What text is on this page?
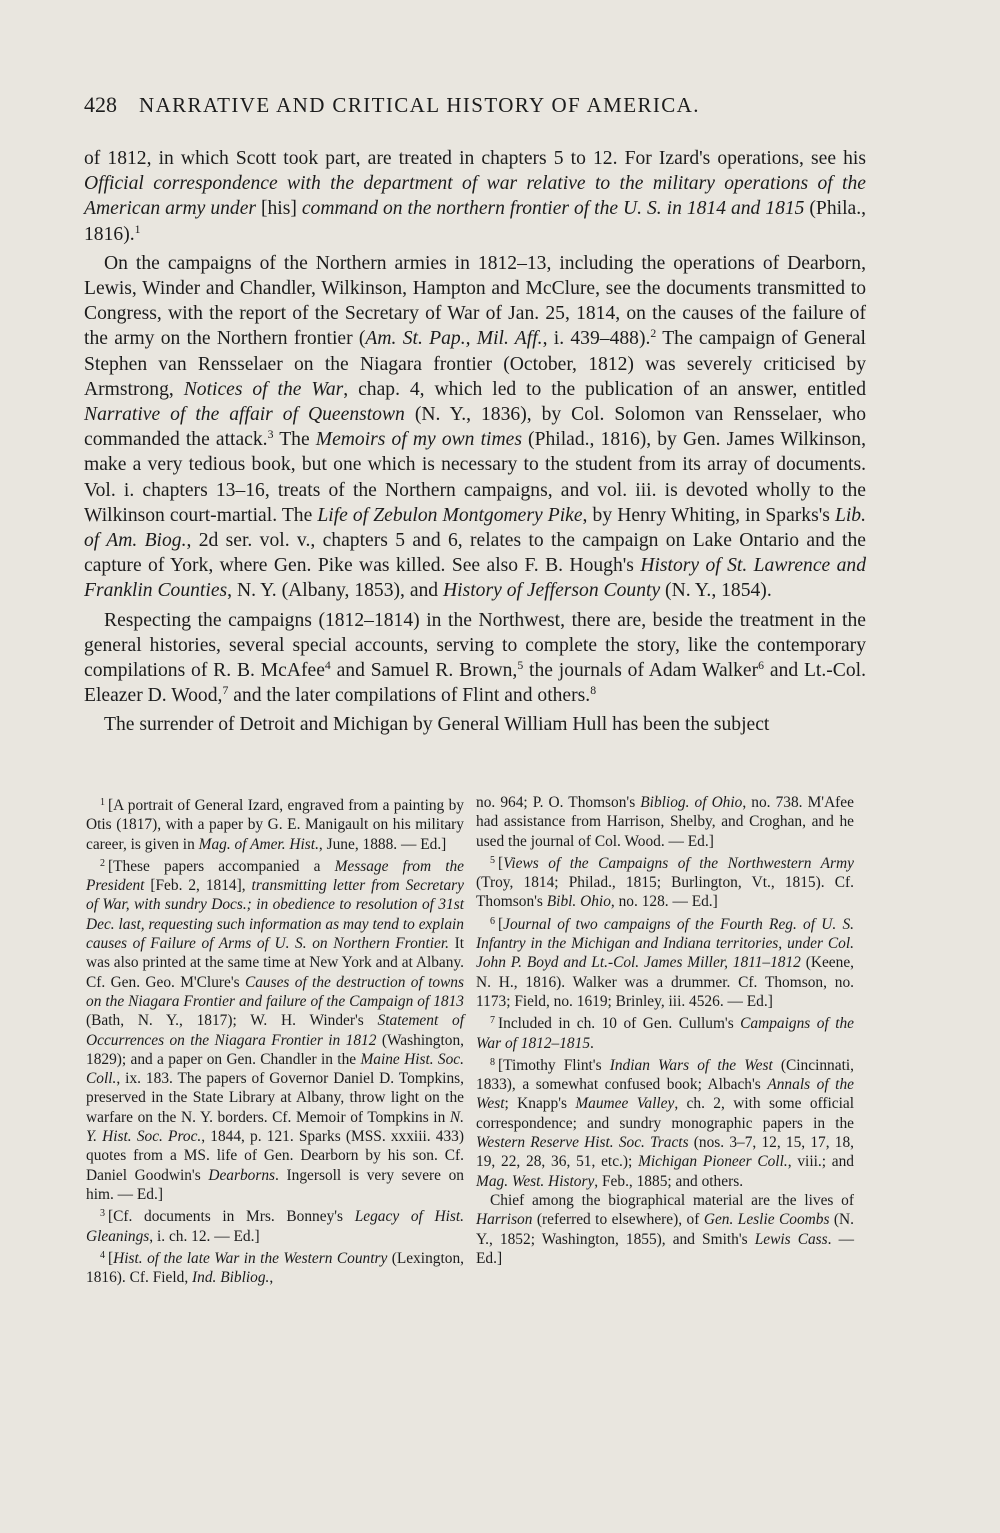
428 NARRATIVE AND CRITICAL HISTORY OF AMERICA.

of 1812, in which Scott took part, are treated in chapters 5 to 12. For Izard's operations, see his Official correspondence with the department of war relative to the military operations of the American army under [his] command on the northern frontier of the U. S. in 1814 and 1815 (Phila., 1816).$^1$

On the campaigns of the Northern armies in 1812–13, including the operations of Dearborn, Lewis, Winder and Chandler, Wilkinson, Hampton and McClure, see the documents transmitted to Congress, with the report of the Secretary of War of Jan. 25, 1814, on the causes of the failure of the army on the Northern frontier (Am. St. Pap., Mil. Aff., i. 439–488).$^2$ The campaign of General Stephen van Rensselaer on the Niagara frontier (October, 1812) was severely criticised by Armstrong, Notices of the War, chap. 4, which led to the publication of an answer, entitled Narrative of the affair of Queenstown (N. Y., 1836), by Col. Solomon van Rensselaer, who commanded the attack.$^3$ The Memoirs of my own times (Philad., 1816), by Gen. James Wilkinson, make a very tedious book, but one which is necessary to the student from its array of documents. Vol. i. chapters 13–16, treats of the Northern campaigns, and vol. iii. is devoted wholly to the Wilkinson court-martial. The Life of Zebulon Montgomery Pike, by Henry Whiting, in Sparks's Lib. of Am. Biog., 2d ser. vol. v., chapters 5 and 6, relates to the campaign on Lake Ontario and the capture of York, where Gen. Pike was killed. See also F. B. Hough's History of St. Lawrence and Franklin Counties, N. Y. (Albany, 1853), and History of Jefferson County (N. Y., 1854).

Respecting the campaigns (1812–1814) in the Northwest, there are, beside the treatment in the general histories, several special accounts, serving to complete the story, like the contemporary compilations of R. B. McAfee$^4$ and Samuel R. Brown,$^5$ the journals of Adam Walker$^6$ and Lt.-Col. Eleazer D. Wood,$^7$ and the later compilations of Flint and others.$^8$

The surrender of Detroit and Michigan by General William Hull has been the subject

$^1$ [A portrait of General Izard, engraved from a painting by Otis (1817), with a paper by G. E. Manigault on his military career, is given in Mag. of Amer. Hist., June, 1888. — Ed.]

$^2$ [These papers accompanied a Message from the President [Feb. 2, 1814], transmitting letter from Secretary of War, with sundry Docs.; in obedience to resolution of 31st Dec. last, requesting such information as may tend to explain causes of Failure of Arms of U. S. on Northern Frontier. It was also printed at the same time at New York and at Albany. Cf. Gen. Geo. M'Clure's Causes of the destruction of towns on the Niagara Frontier and failure of the Campaign of 1813 (Bath, N. Y., 1817); W. H. Winder's Statement of Occurrences on the Niagara Frontier in 1812 (Washington, 1829); and a paper on Gen. Chandler in the Maine Hist. Soc. Coll., ix. 183. The papers of Governor Daniel D. Tompkins, preserved in the State Library at Albany, throw light on the warfare on the N. Y. borders. Cf. Memoir of Tompkins in N. Y. Hist. Soc. Proc., 1844, p. 121. Sparks (MSS. xxxiii. 433) quotes from a MS. life of Gen. Dearborn by his son. Cf. Daniel Goodwin's Dearborns. Ingersoll is very severe on him. — Ed.]

$^3$ [Cf. documents in Mrs. Bonney's Legacy of Hist. Gleanings, i. ch. 12. — Ed.]

$^4$ [Hist. of the late War in the Western Country (Lexington, 1816). Cf. Field, Ind. Bibliog.,

no. 964; P. O. Thomson's Bibliog. of Ohio, no. 738. M'Afee had assistance from Harrison, Shelby, and Croghan, and he used the journal of Col. Wood. — Ed.]

$^5$ [Views of the Campaigns of the Northwestern Army (Troy, 1814; Philad., 1815; Burlington, Vt., 1815). Cf. Thomson's Bibl. Ohio, no. 128. — Ed.]

$^6$ [Journal of two campaigns of the Fourth Reg. of U. S. Infantry in the Michigan and Indiana territories, under Col. John P. Boyd and Lt.-Col. James Miller, 1811–1812 (Keene, N. H., 1816). Walker was a drummer. Cf. Thomson, no. 1173; Field, no. 1619; Brinley, iii. 4526. — Ed.]

$^7$ Included in ch. 10 of Gen. Cullum's Campaigns of the War of 1812–1815.

$^8$ [Timothy Flint's Indian Wars of the West (Cincinnati, 1833), a somewhat confused book; Albach's Annals of the West; Knapp's Maumee Valley, ch. 2, with some official correspondence; and sundry monographic papers in the Western Reserve Hist. Soc. Tracts (nos. 3–7, 12, 15, 17, 18, 19, 22, 28, 36, 51, etc.); Michigan Pioneer Coll., viii.; and Mag. West. History, Feb., 1885; and others.

Chief among the biographical material are the lives of Harrison (referred to elsewhere), of Gen. Leslie Coombs (N. Y., 1852; Washington, 1855), and Smith's Lewis Cass. — Ed.]
